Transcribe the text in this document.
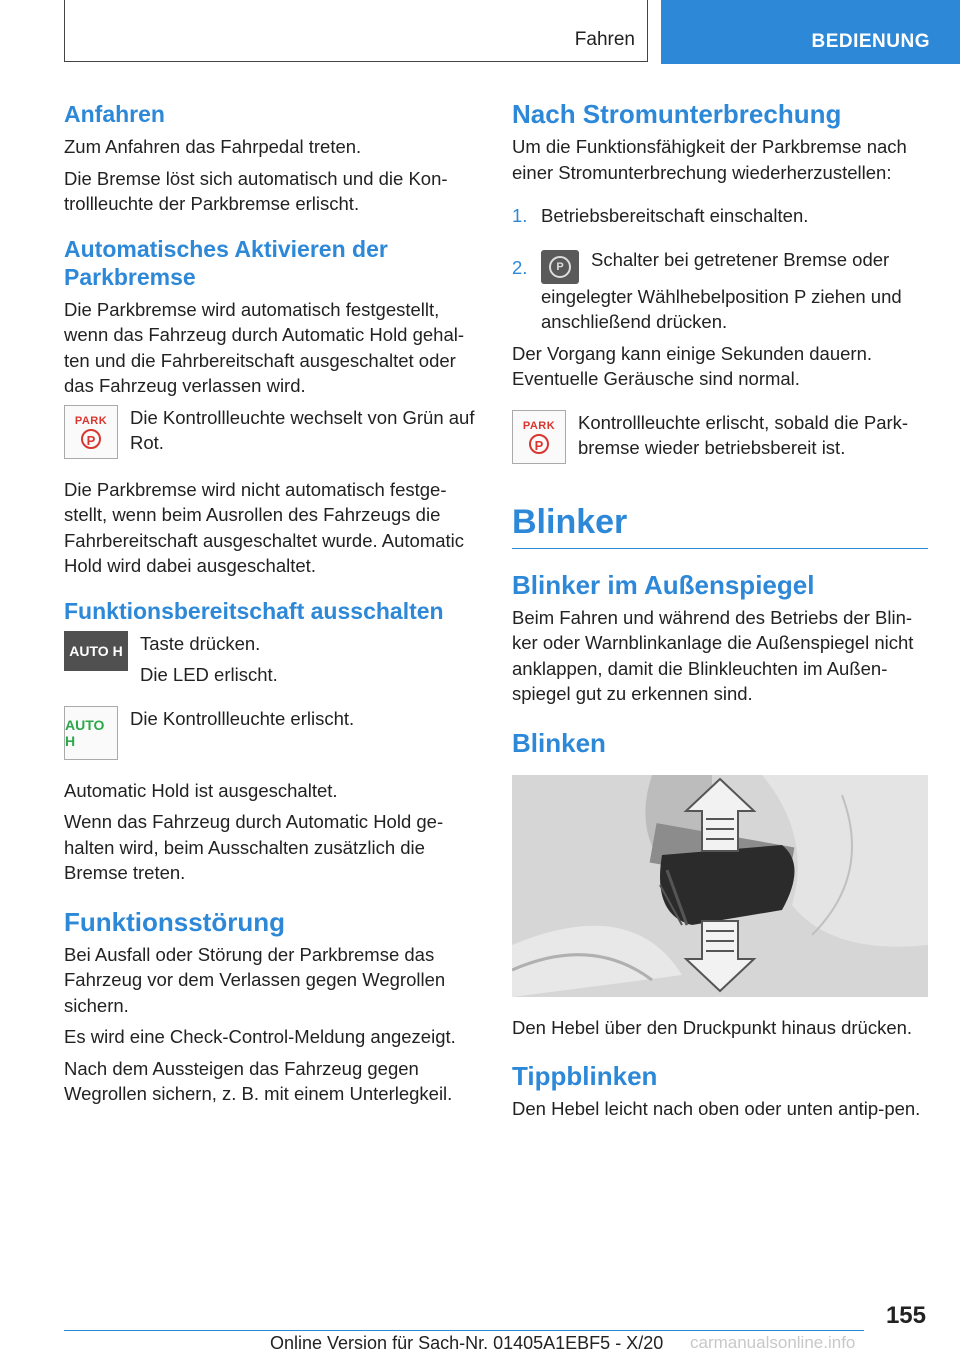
Fahren	BEDIENUNG
Anfahren

Zum Anfahren das Fahrpedal treten.

Die Bremse löst sich automatisch und die Kon-trollleuchte der Parkbremse erlischt.

Automatisches Aktivieren der Parkbremse

Die Parkbremse wird automatisch festgestellt, wenn das Fahrzeug durch Automatic Hold gehal-ten und die Fahrbereitschaft ausgeschaltet oder das Fahrzeug verlassen wird.

PARK
P

Die Kontrollleuchte wechselt von Grün auf Rot.

Die Parkbremse wird nicht automatisch festge-stellt, wenn beim Ausrollen des Fahrzeugs die Fahrbereitschaft ausgeschaltet wurde. Automatic Hold wird dabei ausgeschaltet.

Funktionsbereitschaft ausschalten
AUTO H Taste drücken.

Die LED erlischt.

AUTO H

Die Kontrollleuchte erlischt.

Automatic Hold ist ausgeschaltet.

Wenn das Fahrzeug durch Automatic Hold ge-halten wird, beim Ausschalten zusätzlich die Bremse treten.

Funktionsstörung

Bei Ausfall oder Störung der Parkbremse das Fahrzeug vor dem Verlassen gegen Wegrollen sichern.

Es wird eine Check-Control-Meldung angezeigt.

Nach dem Aussteigen das Fahrzeug gegen Wegrollen sichern, z. B. mit einem Unterlegkeil.

Nach Stromunterbrechung

Um die Funktionsfähigkeit der Parkbremse nach einer Stromunterbrechung wiederherzustellen:

1. Betriebsbereitschaft einschalten.
2.	P	Schalter bei getretener Bremse oder eingelegter Wählhebelposition P ziehen und anschließend drücken.

Der Vorgang kann einige Sekunden dauern. Eventuelle Geräusche sind normal.

PARK
P

Kontrollleuchte erlischt, sobald die Park-bremse wieder betriebsbereit ist.

Blinker
Blinker im Außenspiegel

Beim Fahren und während des Betriebs der Blin-ker oder Warnblinkanlage die Außenspiegel nicht anklappen, damit die Blinkleuchten im Außen-spiegel gut zu erkennen sind.

Blinken

Den Hebel über den Druckpunkt hinaus drücken.

Tippblinken

Den Hebel leicht nach oben oder unten antip-pen.

155
Online Version für Sach-Nr. 01405A1EBF5 - X/20 carmanualsonline.info
